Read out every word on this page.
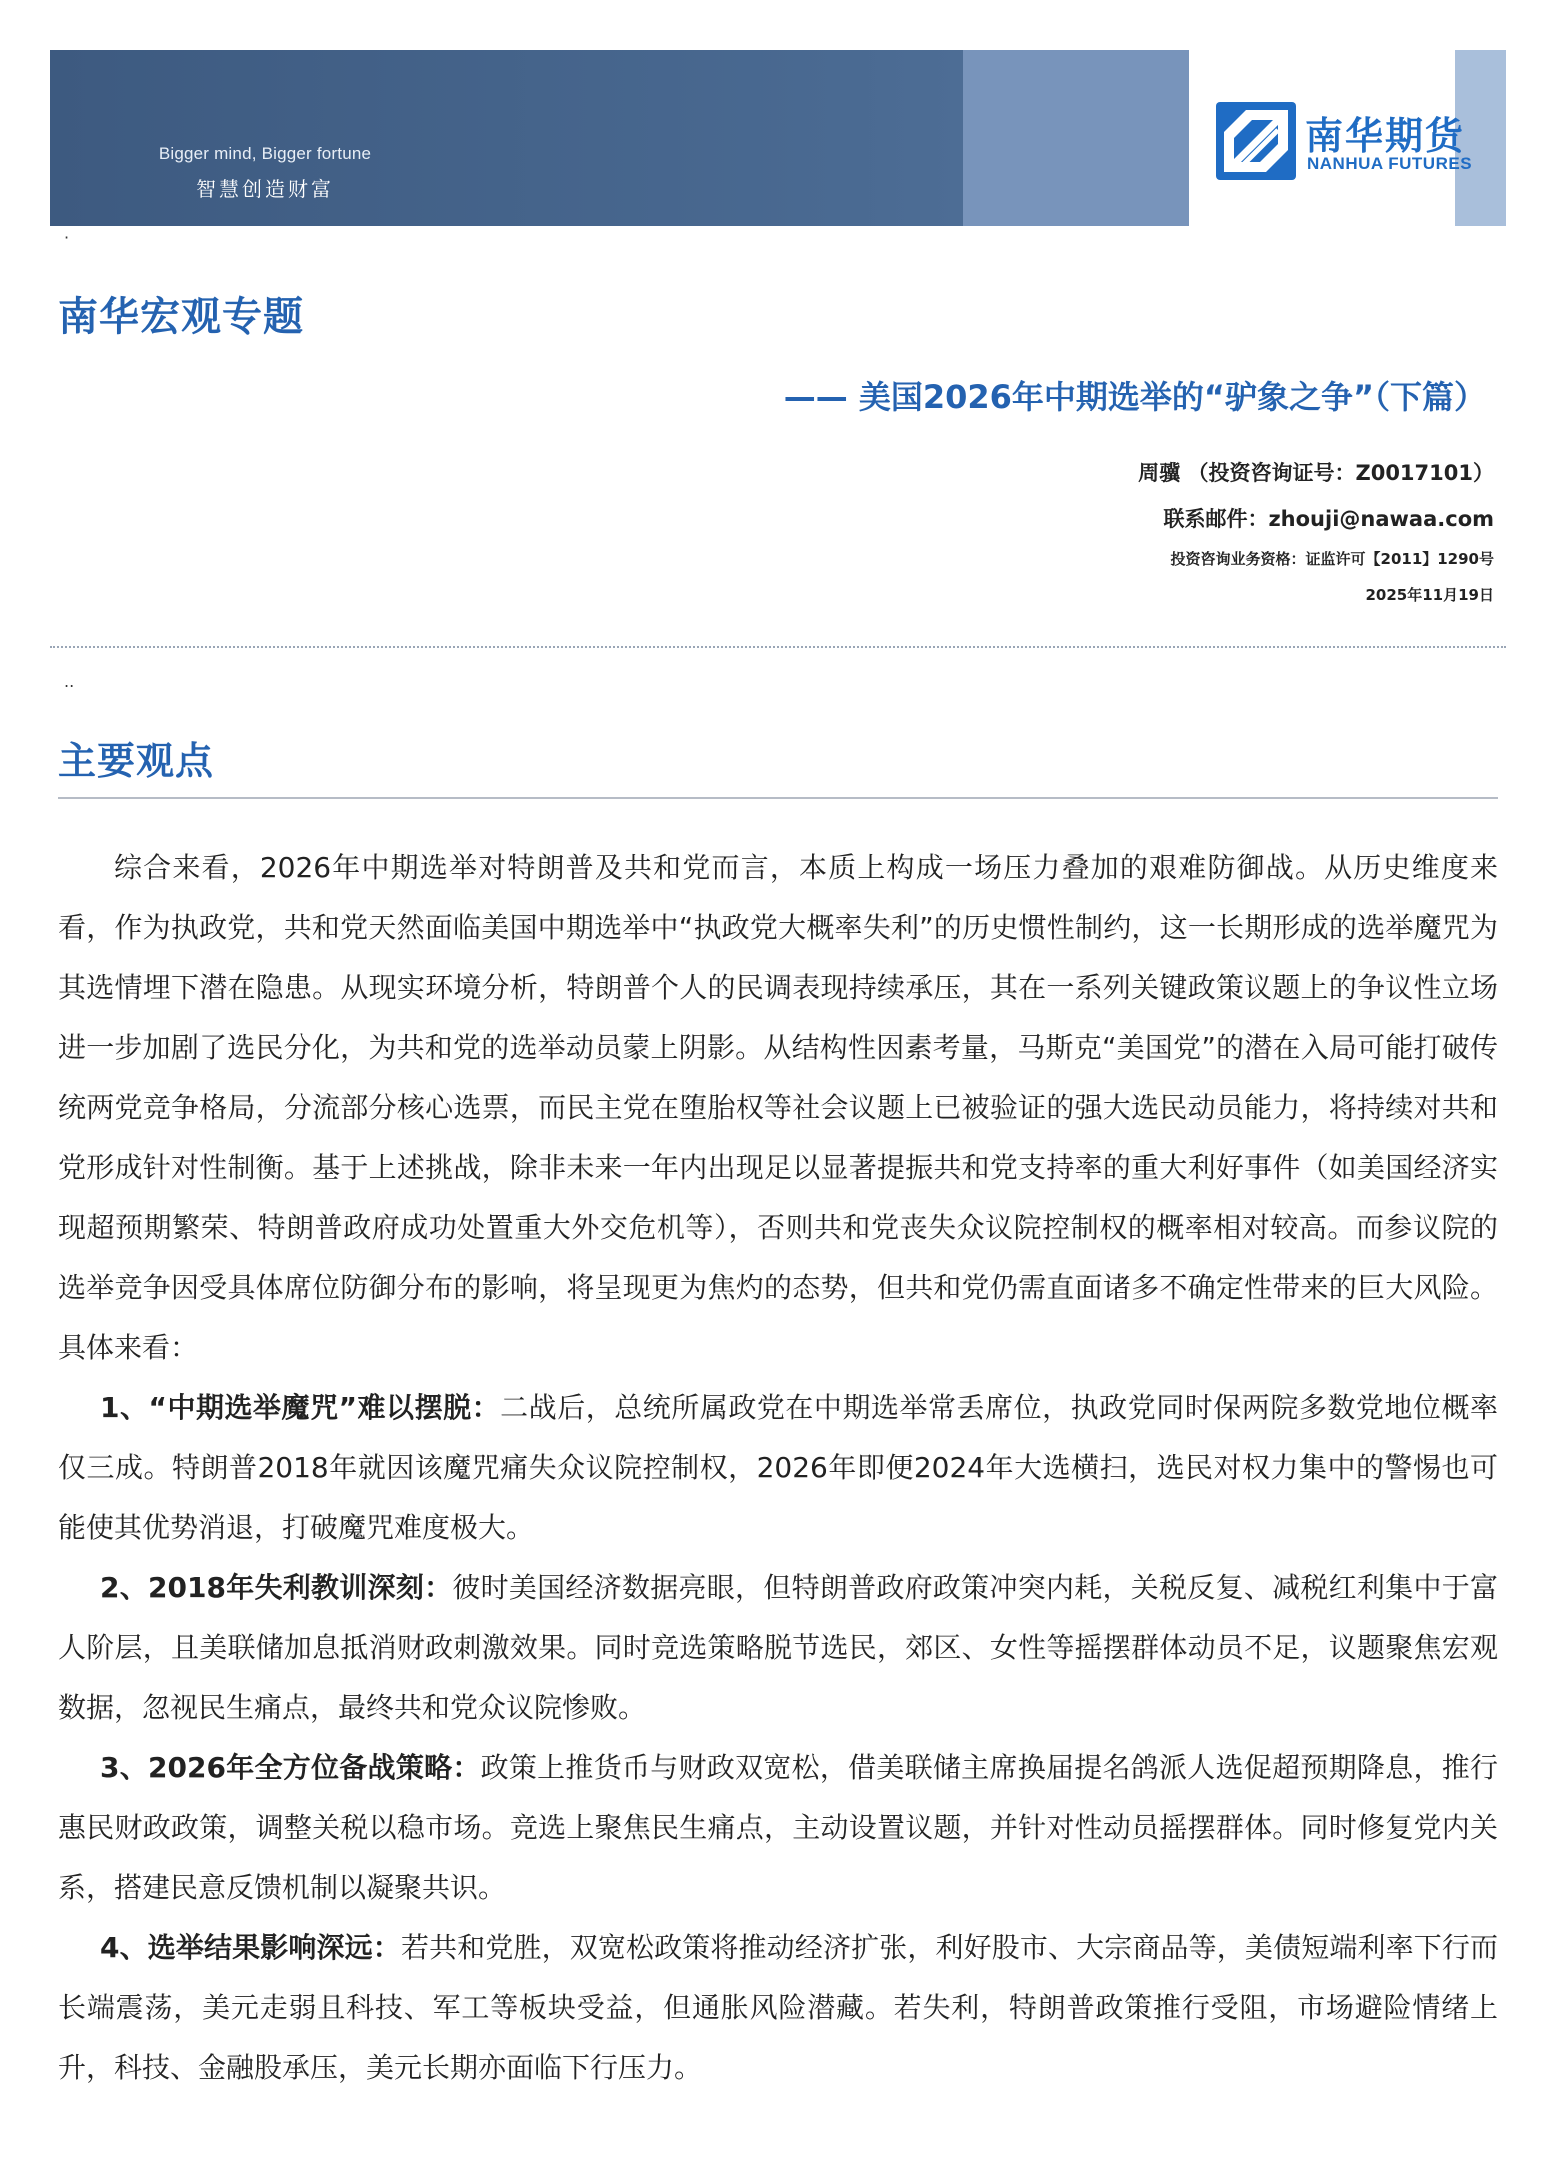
Bigger mind, Bigger fortune
智慧创造财富
南华期货
NANHUA FUTURES
·
南华宏观专题
—— 美国2026年中期选举的“驴象之争”（下篇）
周骥 （投资咨询证号：Z0017101）
联系邮件：zhouji@nawaa.com
投资咨询业务资格：证监许可【2011】1290号
2025年11月19日
..
主要观点

综合来看，2026年中期选举对特朗普及共和党而言，本质上构成一场压力叠加的艰难防御战。从历史维度来看，作为执政党，共和党天然面临美国中期选举中“执政党大概率失利”的历史惯性制约，这一长期形成的选举魔咒为其选情埋下潜在隐患。从现实环境分析，特朗普个人的民调表现持续承压，其在一系列关键政策议题上的争议性立场进一步加剧了选民分化，为共和党的选举动员蒙上阴影。从结构性因素考量，马斯克“美国党”的潜在入局可能打破传统两党竞争格局，分流部分核心选票，而民主党在堕胎权等社会议题上已被验证的强大选民动员能力，将持续对共和党形成针对性制衡。基于上述挑战，除非未来一年内出现足以显著提振共和党支持率的重大利好事件（如美国经济实现超预期繁荣、特朗普政府成功处置重大外交危机等），否则共和党丧失众议院控制权的概率相对较高。而参议院的选举竞争因受具体席位防御分布的影响，将呈现更为焦灼的态势，但共和党仍需直面诸多不确定性带来的巨大风险。具体来看：

1、“中期选举魔咒”难以摆脱：二战后，总统所属政党在中期选举常丢席位，执政党同时保两院多数党地位概率仅三成。特朗普2018年就因该魔咒痛失众议院控制权，2026年即便2024年大选横扫，选民对权力集中的警惕也可能使其优势消退，打破魔咒难度极大。

2、2018年失利教训深刻：彼时美国经济数据亮眼，但特朗普政府政策冲突内耗，关税反复、减税红利集中于富人阶层，且美联储加息抵消财政刺激效果。同时竞选策略脱节选民，郊区、女性等摇摆群体动员不足，议题聚焦宏观数据，忽视民生痛点，最终共和党众议院惨败。

3、2026年全方位备战策略：政策上推货币与财政双宽松，借美联储主席换届提名鸽派人选促超预期降息，推行惠民财政政策，调整关税以稳市场。竞选上聚焦民生痛点，主动设置议题，并针对性动员摇摆群体。同时修复党内关系，搭建民意反馈机制以凝聚共识。

4、选举结果影响深远：若共和党胜，双宽松政策将推动经济扩张，利好股市、大宗商品等，美债短端利率下行而长端震荡，美元走弱且科技、军工等板块受益，但通胀风险潜藏。若失利，特朗普政策推行受阻，市场避险情绪上升，科技、金融股承压，美元长期亦面临下行压力。
